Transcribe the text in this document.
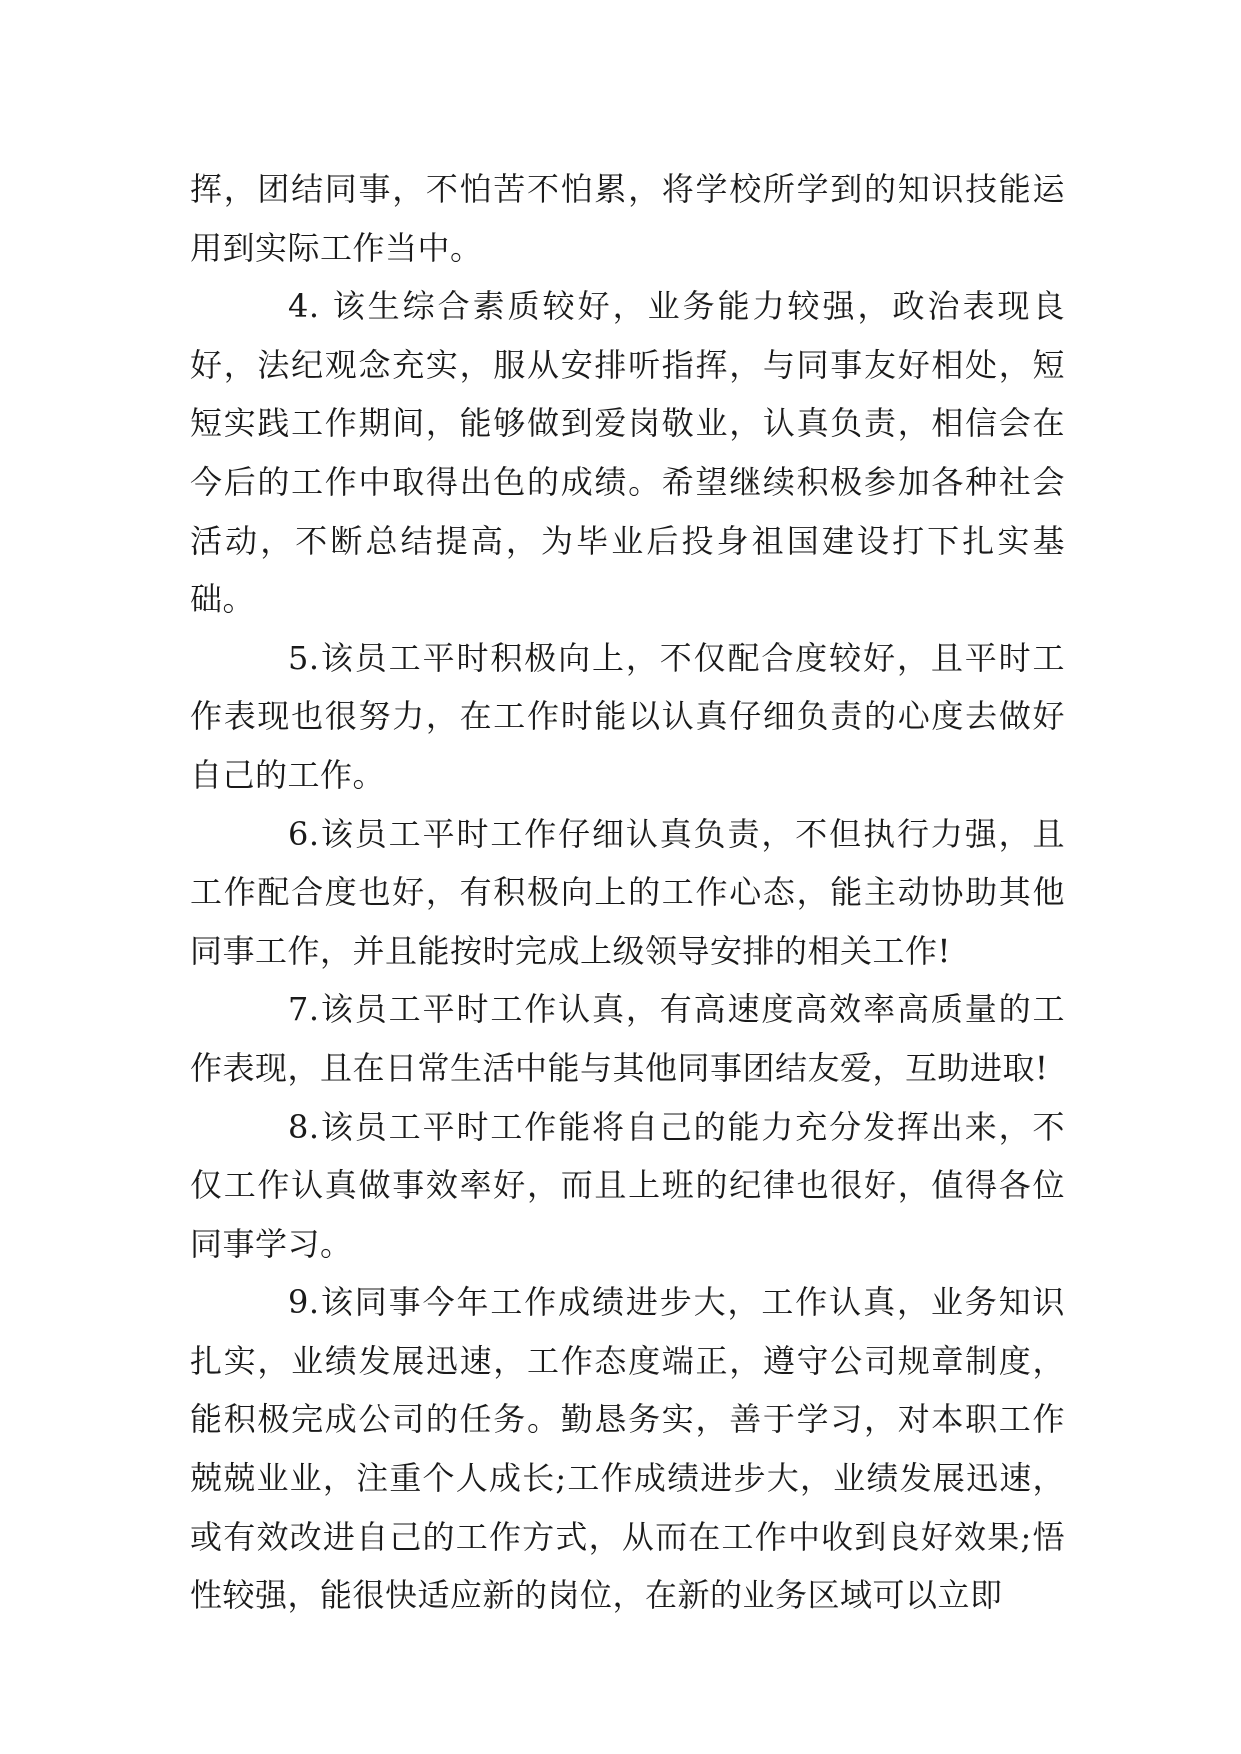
挥，团结同事，不怕苦不怕累，将学校所学到的知识技能运用到实际工作当中。

4. 该生综合素质较好，业务能力较强，政治表现良好，法纪观念充实，服从安排听指挥，与同事友好相处，短短实践工作期间，能够做到爱岗敬业，认真负责，相信会在今后的工作中取得出色的成绩。希望继续积极参加各种社会活动，不断总结提高，为毕业后投身祖国建设打下扎实基础。

5.该员工平时积极向上，不仅配合度较好，且平时工作表现也很努力，在工作时能以认真仔细负责的心度去做好自己的工作。

6.该员工平时工作仔细认真负责，不但执行力强，且工作配合度也好，有积极向上的工作心态，能主动协助其他同事工作，并且能按时完成上级领导安排的相关工作!

7.该员工平时工作认真，有高速度高效率高质量的工作表现，且在日常生活中能与其他同事团结友爱，互助进取!

8.该员工平时工作能将自己的能力充分发挥出来，不仅工作认真做事效率好，而且上班的纪律也很好，值得各位同事学习。

9.该同事今年工作成绩进步大，工作认真，业务知识扎实，业绩发展迅速，工作态度端正，遵守公司规章制度，能积极完成公司的任务。勤恳务实，善于学习，对本职工作兢兢业业，注重个人成长;工作成绩进步大，业绩发展迅速，或有效改进自己的工作方式，从而在工作中收到良好效果;悟性较强，能很快适应新的岗位，在新的业务区域可以立即
